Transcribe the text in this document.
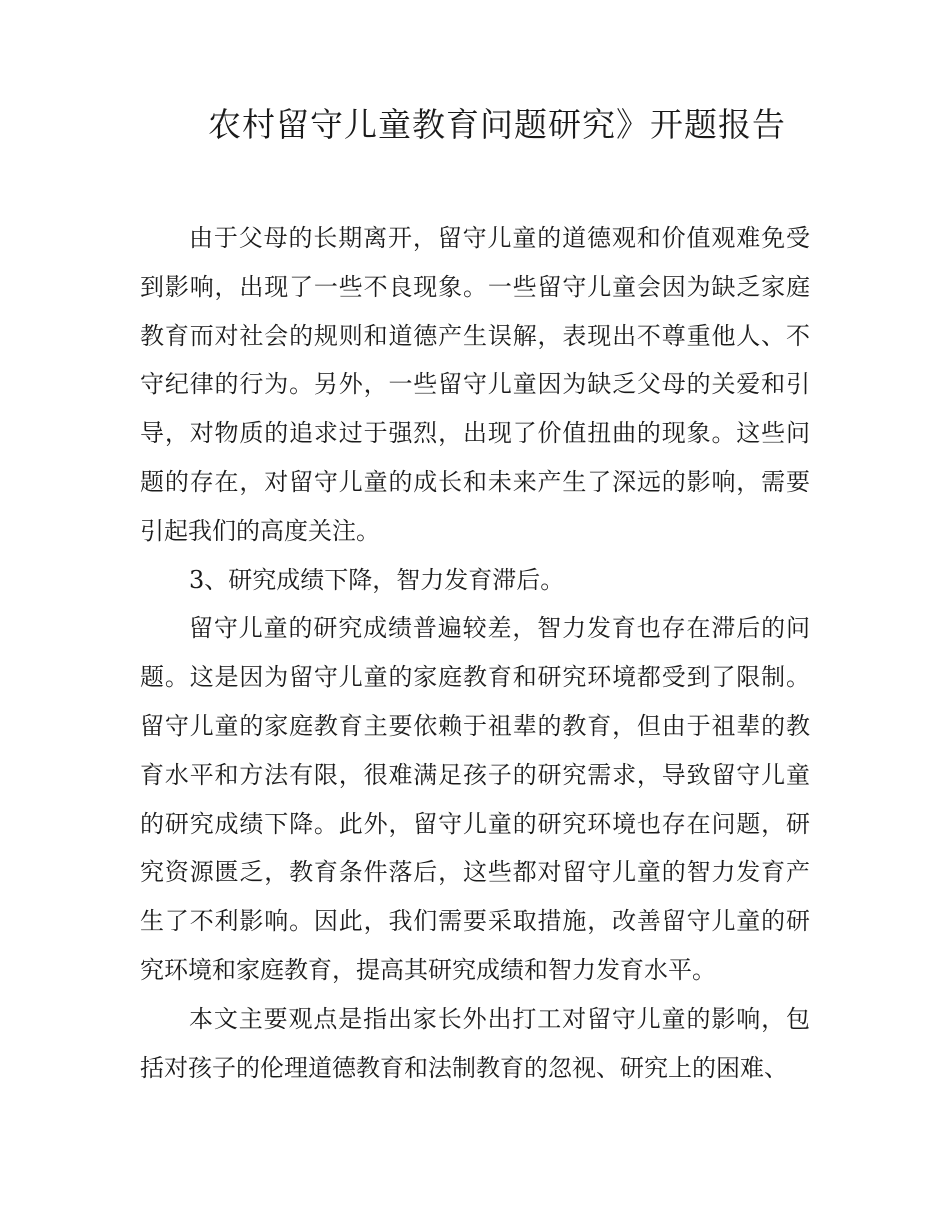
农村留守儿童教育问题研究》开题报告

由于父母的长期离开，留守儿童的道德观和价值观难免受到影响，出现了一些不良现象。一些留守儿童会因为缺乏家庭教育而对社会的规则和道德产生误解，表现出不尊重他人、不守纪律的行为。另外，一些留守儿童因为缺乏父母的关爱和引导，对物质的追求过于强烈，出现了价值扭曲的现象。这些问题的存在，对留守儿童的成长和未来产生了深远的影响，需要引起我们的高度关注。

3、研究成绩下降，智力发育滞后。

留守儿童的研究成绩普遍较差，智力发育也存在滞后的问题。这是因为留守儿童的家庭教育和研究环境都受到了限制。留守儿童的家庭教育主要依赖于祖辈的教育，但由于祖辈的教育水平和方法有限，很难满足孩子的研究需求，导致留守儿童的研究成绩下降。此外，留守儿童的研究环境也存在问题，研究资源匮乏，教育条件落后，这些都对留守儿童的智力发育产生了不利影响。因此，我们需要采取措施，改善留守儿童的研究环境和家庭教育，提高其研究成绩和智力发育水平。

本文主要观点是指出家长外出打工对留守儿童的影响，包括对孩子的伦理道德教育和法制教育的忽视、研究上的困难、
